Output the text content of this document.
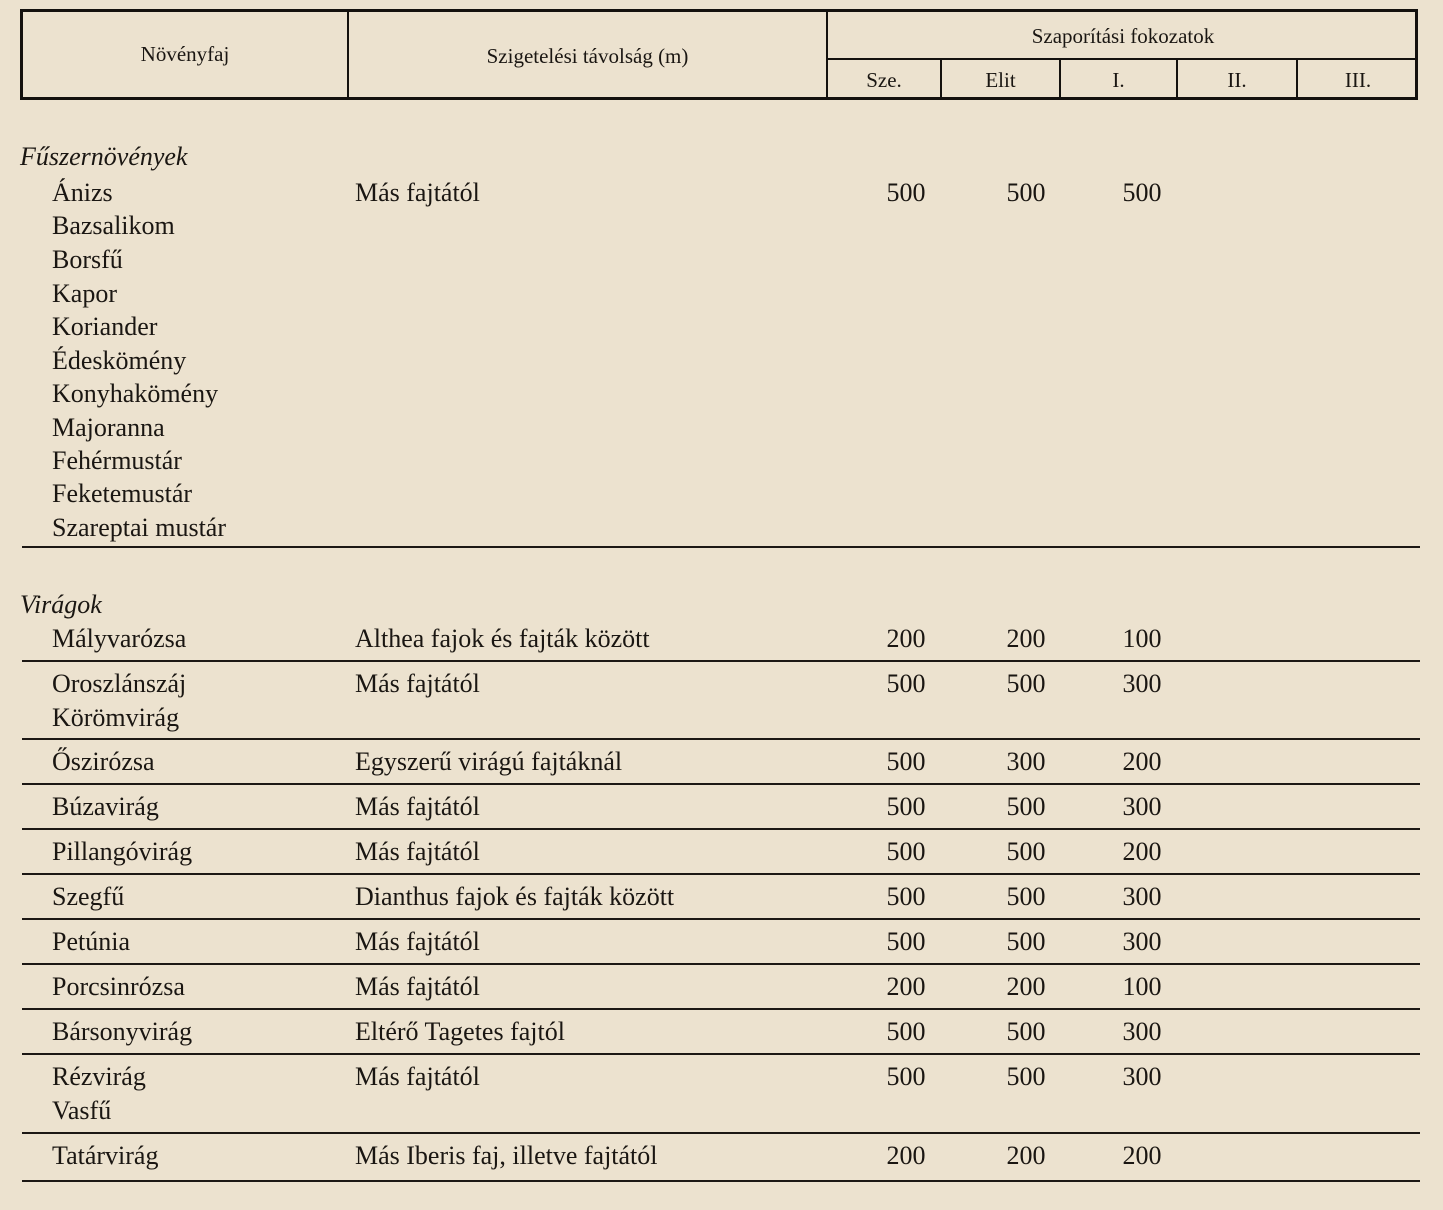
Növényfaj	Szigetelési távolság (m)
Szaporítási fokozatok
Sze.	Elit	I.	II.	III.
Fűszernövények
Ánizs	Más fajtától	500	500	500
Bazsalikom
Borsfű
Kapor
Koriander
Édeskömény
Konyhakömény
Majoranna
Fehérmustár
Feketemustár
Szareptai mustár
Virágok
Mályvarózsa	Althea fajok és fajták között	200	200	100
Oroszlánszáj	Más fajtától	500	500	300
Körömvirág
Őszirózsa	Egyszerű virágú fajtáknál	500	300	200
Búzavirág	Más fajtától	500	500	300
Pillangóvirág	Más fajtától	500	500	200
Szegfű	Dianthus fajok és fajták között	500	500	300
Petúnia	Más fajtától	500	500	300
Porcsinrózsa	Más fajtától	200	200	100
Bársonyvirág	Eltérő Tagetes fajtól	500	500	300
Rézvirág	Más fajtától	500	500	300
Vasfű
Tatárvirág	Más Iberis faj, illetve fajtától	200	200	200
